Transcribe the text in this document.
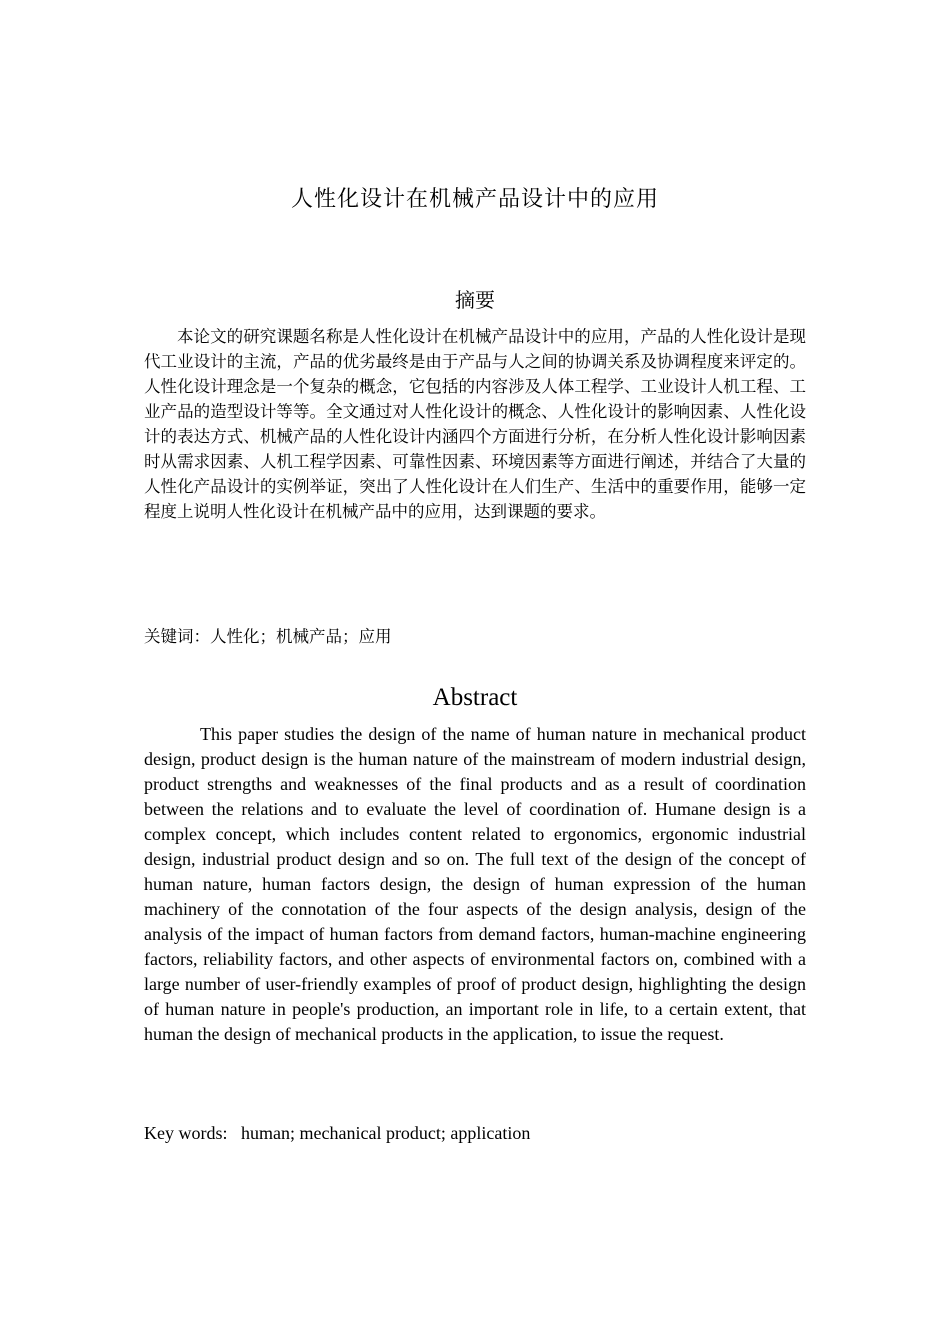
人性化设计在机械产品设计中的应用
摘要

本论文的研究课题名称是人性化设计在机械产品设计中的应用，产品的人性化设计是现代工业设计的主流，产品的优劣最终是由于产品与人之间的协调关系及协调程度来评定的。人性化设计理念是一个复杂的概念，它包括的内容涉及人体工程学、工业设计人机工程、工业产品的造型设计等等。全文通过对人性化设计的概念、人性化设计的影响因素、人性化设计的表达方式、机械产品的人性化设计内涵四个方面进行分析，在分析人性化设计影响因素时从需求因素、人机工程学因素、可靠性因素、环境因素等方面进行阐述，并结合了大量的人性化产品设计的实例举证，突出了人性化设计在人们生产、生活中的重要作用，能够一定程度上说明人性化设计在机械产品中的应用，达到课题的要求。

关键词：人性化；机械产品；应用
Abstract

This paper studies the design of the name of human nature in mechanical product design, product design is the human nature of the mainstream of modern industrial design, product strengths and weaknesses of the final products and as a result of coordination between the relations and to evaluate the level of coordination of. Humane design is a complex concept, which includes content related to ergonomics, ergonomic industrial design, industrial product design and so on. The full text of the design of the concept of human nature, human factors design, the design of human expression of the human machinery of the connotation of the four aspects of the design analysis, design of the analysis of the impact of human factors from demand factors, human-machine engineering factors, reliability factors, and other aspects of environmental factors on, combined with a large number of user-friendly examples of proof of product design, highlighting the design of human nature in people's production, an important role in life, to a certain extent, that human the design of mechanical products in the application, to issue the request.

Key words: human; mechanical product; application
